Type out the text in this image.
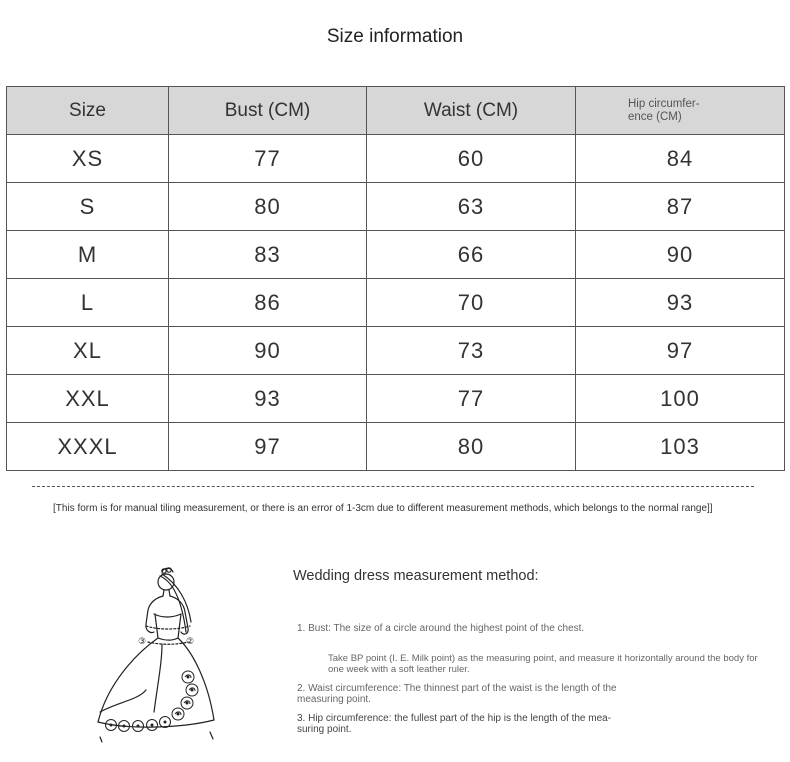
Size information
Size	Bust (CM)	Waist (CM)	Hip circumfer-
ence (CM)
XS	77	60	84
S	80	63	87
M	83	66	90
L	86	70	93
XL	90	73	97
XXL	93	77	100
XXXL	97	80	103
[This form is for manual tiling measurement, or there is an error of 1-3cm due to different measurement methods, which belongs to the normal range]]
③	②
Wedding dress measurement method:
1. Bust: The size of a circle around the highest point of the chest.
Take BP point (I. E. Milk point) as the measuring point, and measure it horizontally around the body for one week with a soft leather ruler.
2. Waist circumference: The thinnest part of the waist is the length of the measuring point.
3. Hip circumference: the fullest part of the hip is the length of the mea-suring point.
